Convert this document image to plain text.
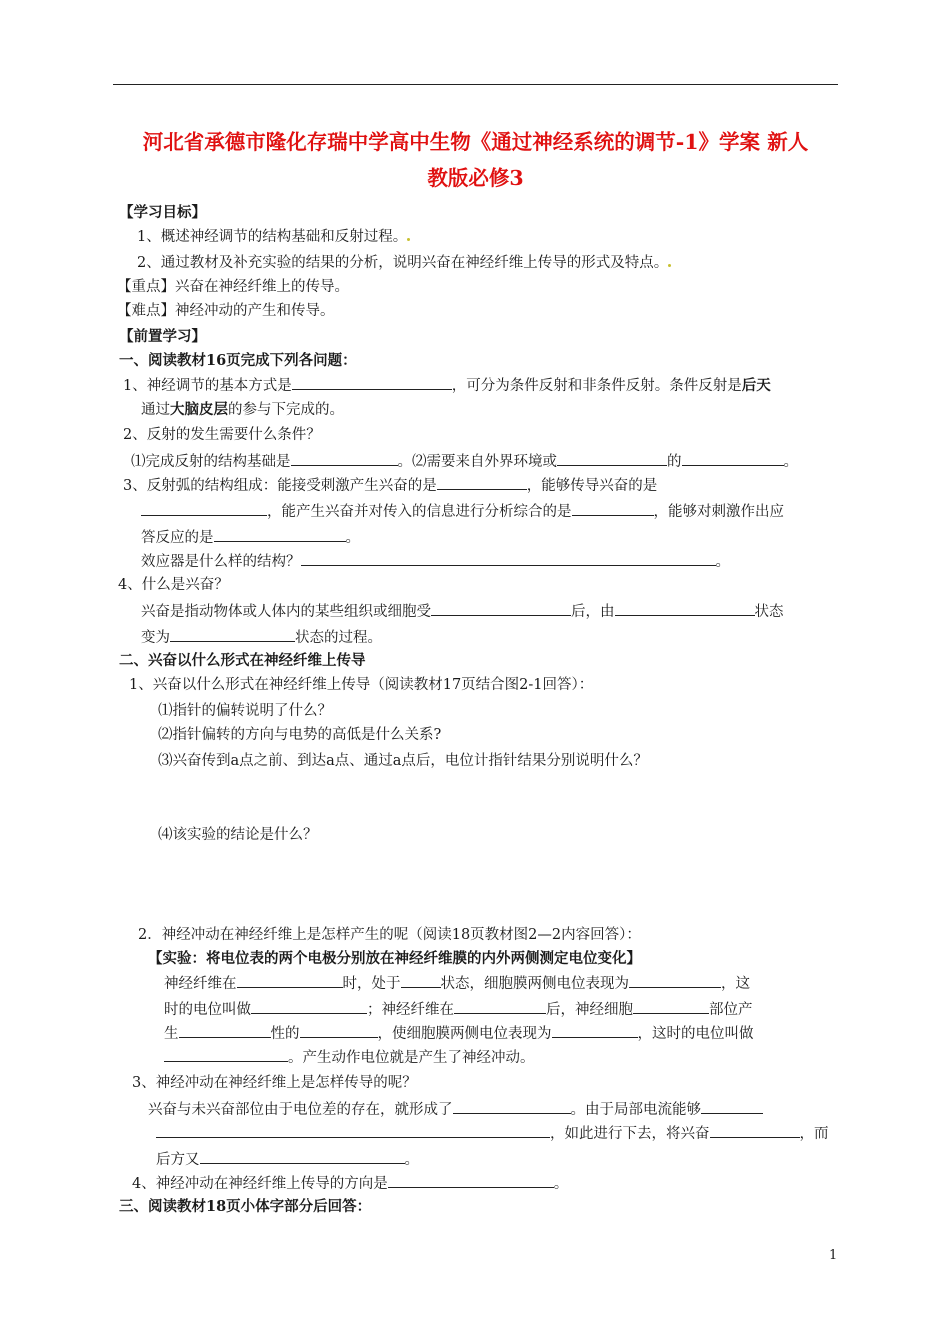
河北省承德市隆化存瑞中学高中生物《通过神经系统的调节-1》学案 新人
教版必修3
【学习目标】
1、概述神经调节的结构基础和反射过程。
2、通过教材及补充实验的结果的分析，说明兴奋在神经纤维上传导的形式及特点。
【重点】兴奋在神经纤维上的传导。
【难点】神经冲动的产生和传导。
【前置学习】
一、阅读教材16页完成下列各问题：
1、神经调节的基本方式是	，可分为条件反射和非条件反射。条件反射是后天
通过大脑皮层的参与下完成的。
2、反射的发生需要什么条件？
⑴完成反射的结构基础是	。⑵需要来自外界环境或	的	。
3、反射弧的结构组成：能接受刺激产生兴奋的是	，能够传导兴奋的是
，能产生兴奋并对传入的信息进行分析综合的是	，能够对刺激作出应
答反应的是	。
效应器是什么样的结构？	。
4、什么是兴奋？
兴奋是指动物体或人体内的某些组织或细胞受	后，由	状态
变为	状态的过程。
二、兴奋以什么形式在神经纤维上传导
1、兴奋以什么形式在神经纤维上传导（阅读教材17页结合图2-1回答）：
⑴指针的偏转说明了什么？
⑵指针偏转的方向与电势的高低是什么关系?
⑶兴奋传到a点之前、到达a点、通过a点后，电位计指针结果分别说明什么？
⑷该实验的结论是什么？
2．神经冲动在神经纤维上是怎样产生的呢（阅读18页教材图2—2内容回答）：
【实验：将电位表的两个电极分别放在神经纤维膜的内外两侧测定电位变化】
神经纤维在	时，处于	状态，细胞膜两侧电位表现为	，这
时的电位叫做	；神经纤维在	后，神经细胞	部位产
生	性的	，使细胞膜两侧电位表现为	，这时的电位叫做
。产生动作电位就是产生了神经冲动。
3、神经冲动在神经纤维上是怎样传导的呢？
兴奋与未兴奋部位由于电位差的存在，就形成了	。由于局部电流能够
，如此进行下去，将兴奋	，而
后方又	。
4、神经冲动在神经纤维上传导的方向是	。
三、阅读教材18页小体字部分后回答：
1
